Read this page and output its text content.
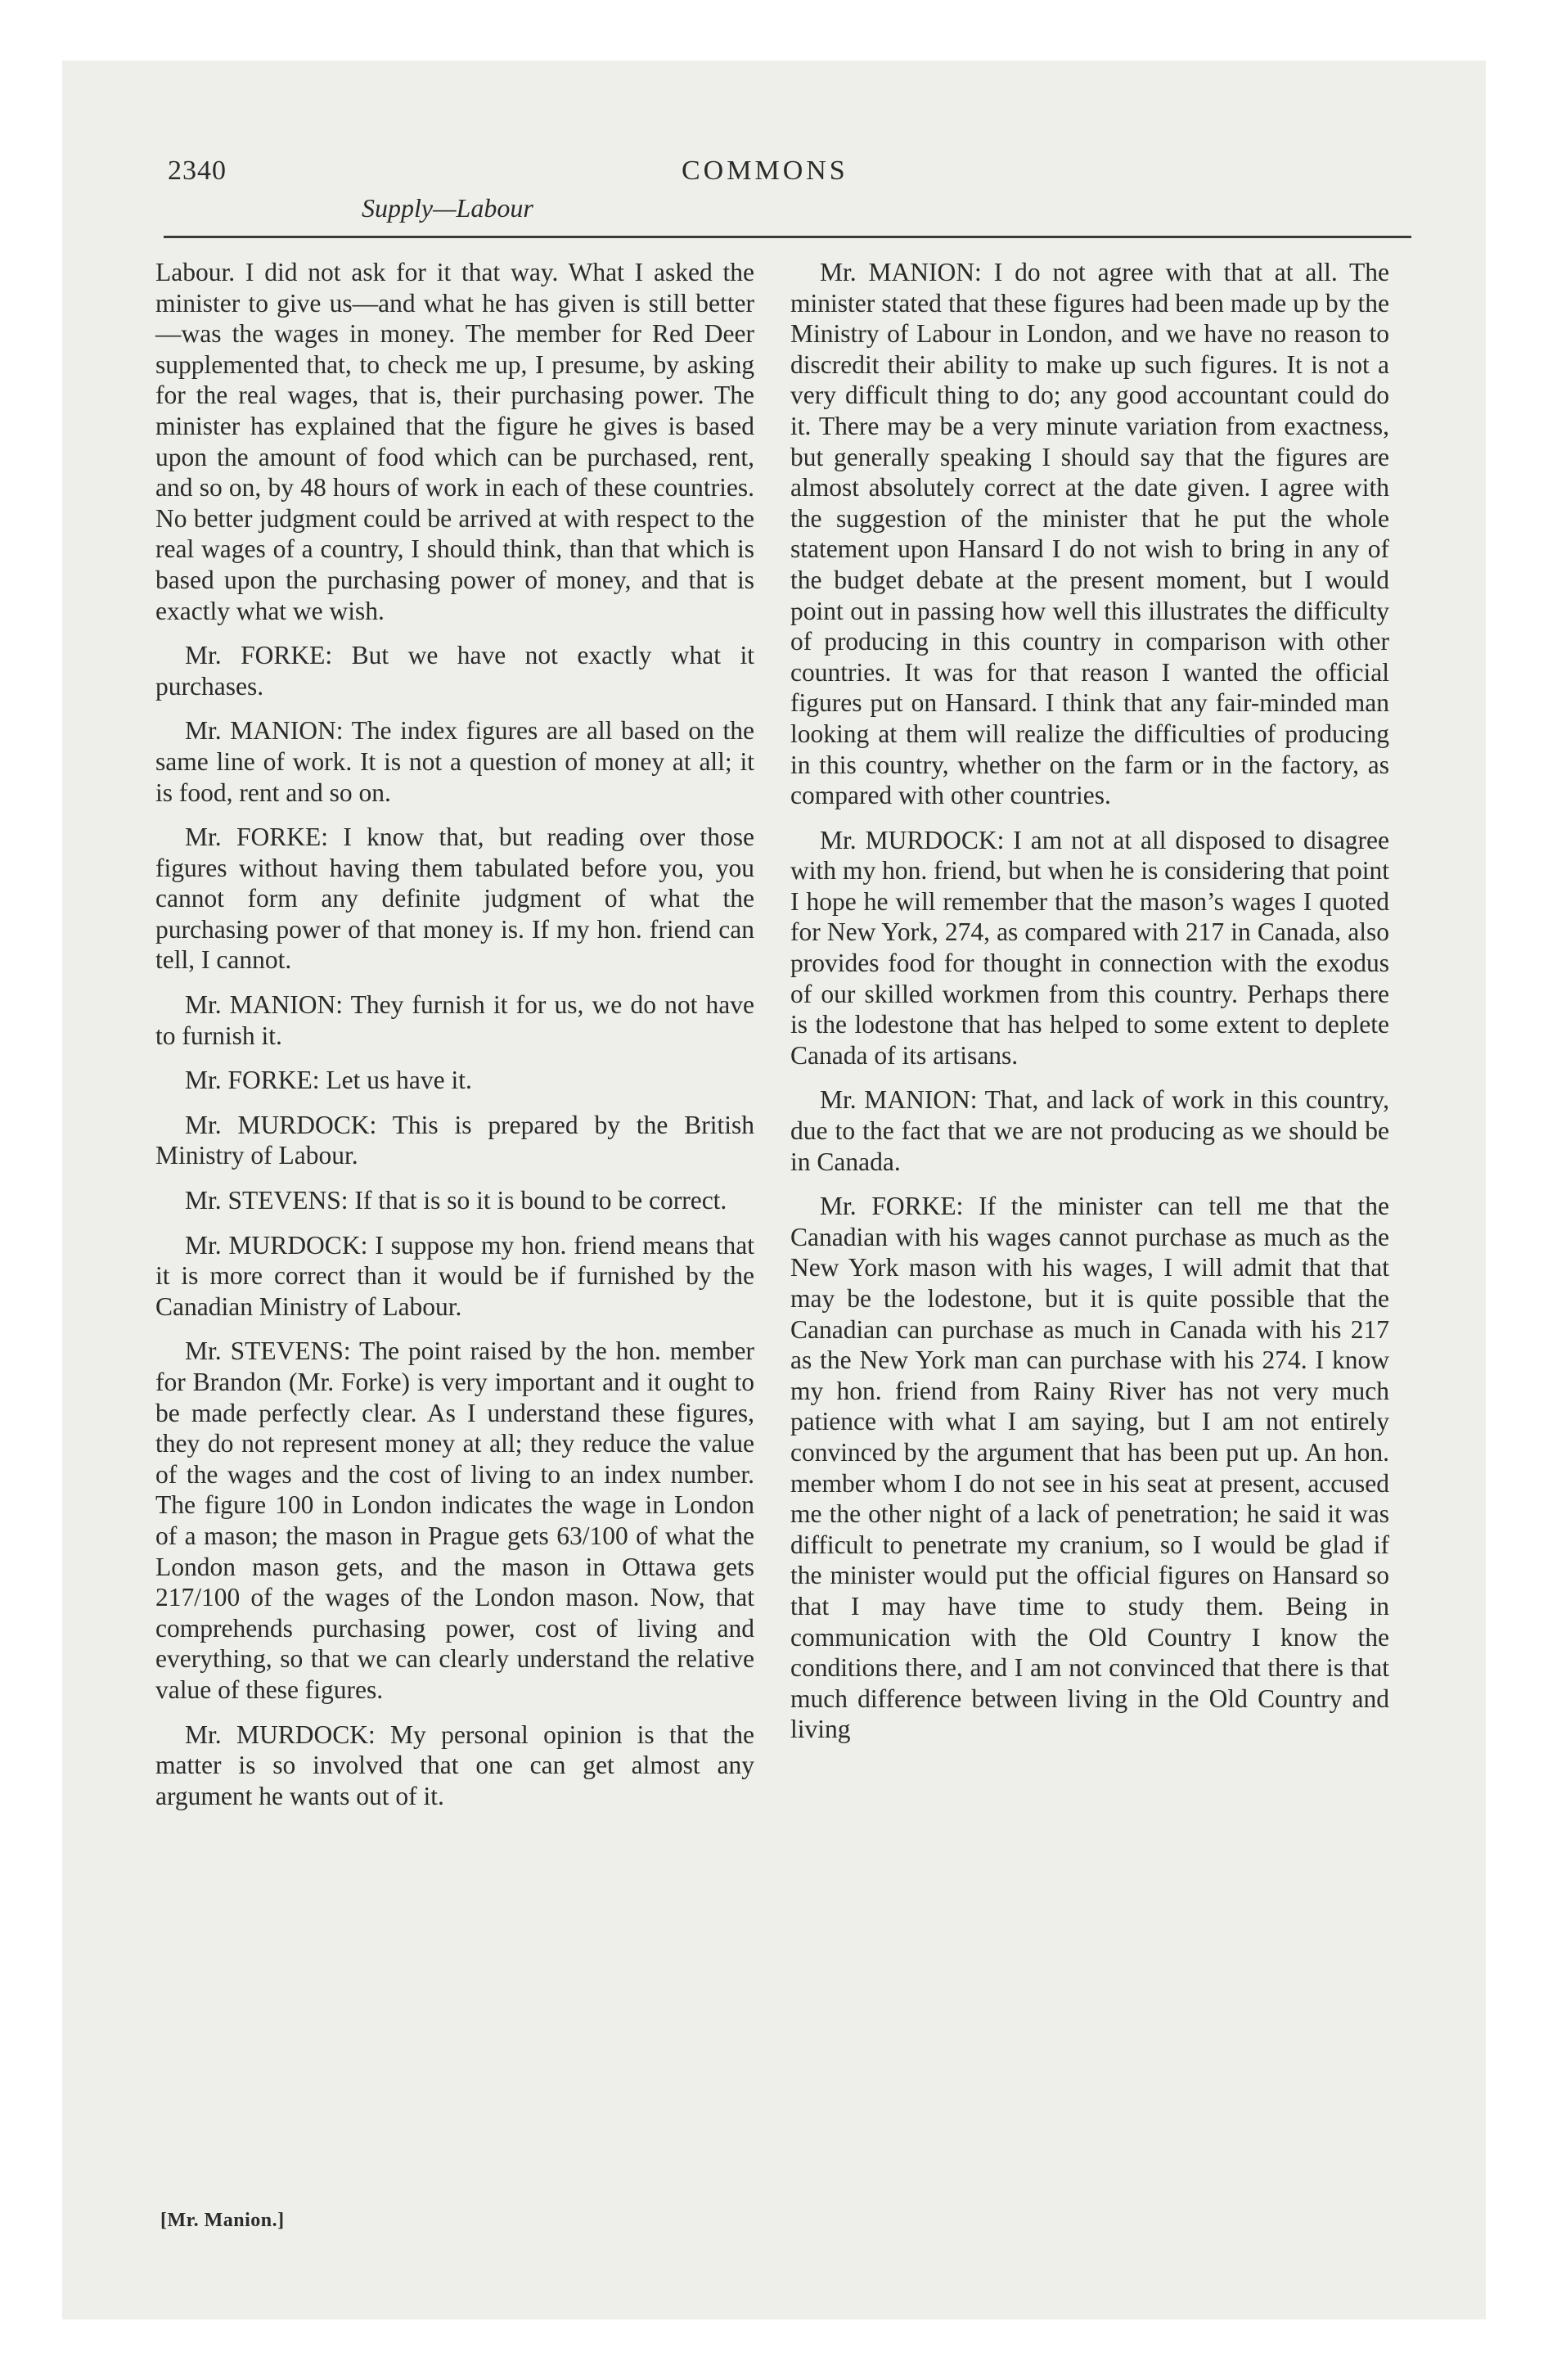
2340	COMMONS
Supply—Labour

Labour. I did not ask for it that way. What I asked the minister to give us—and what he has given is still better—was the wages in money. The member for Red Deer supplemented that, to check me up, I presume, by asking for the real wages, that is, their purchasing power. The minister has explained that the figure he gives is based upon the amount of food which can be purchased, rent, and so on, by 48 hours of work in each of these countries. No better judgment could be arrived at with respect to the real wages of a country, I should think, than that which is based upon the purchasing power of money, and that is exactly what we wish.

Mr. FORKE: But we have not exactly what it purchases.

Mr. MANION: The index figures are all based on the same line of work. It is not a question of money at all; it is food, rent and so on.

Mr. FORKE: I know that, but reading over those figures without having them tabulated before you, you cannot form any definite judgment of what the purchasing power of that money is. If my hon. friend can tell, I cannot.

Mr. MANION: They furnish it for us, we do not have to furnish it.

Mr. FORKE: Let us have it.

Mr. MURDOCK: This is prepared by the British Ministry of Labour.

Mr. STEVENS: If that is so it is bound to be correct.

Mr. MURDOCK: I suppose my hon. friend means that it is more correct than it would be if furnished by the Canadian Ministry of Labour.

Mr. STEVENS: The point raised by the hon. member for Brandon (Mr. Forke) is very important and it ought to be made perfectly clear. As I understand these figures, they do not represent money at all; they reduce the value of the wages and the cost of living to an index number. The figure 100 in London indicates the wage in London of a mason; the mason in Prague gets 63/100 of what the London mason gets, and the mason in Ottawa gets 217/100 of the wages of the London mason. Now, that comprehends purchasing power, cost of living and everything, so that we can clearly understand the relative value of these figures.

Mr. MURDOCK: My personal opinion is that the matter is so involved that one can get almost any argument he wants out of it.

Mr. MANION: I do not agree with that at all. The minister stated that these figures had been made up by the Ministry of Labour in London, and we have no reason to discredit their ability to make up such figures. It is not a very difficult thing to do; any good accountant could do it. There may be a very minute variation from exactness, but generally speaking I should say that the figures are almost absolutely correct at the date given. I agree with the suggestion of the minister that he put the whole statement upon Hansard I do not wish to bring in any of the budget debate at the present moment, but I would point out in passing how well this illustrates the difficulty of producing in this country in comparison with other countries. It was for that reason I wanted the official figures put on Hansard. I think that any fair-minded man looking at them will realize the difficulties of producing in this country, whether on the farm or in the factory, as compared with other countries.

Mr. MURDOCK: I am not at all disposed to disagree with my hon. friend, but when he is considering that point I hope he will remember that the mason’s wages I quoted for New York, 274, as compared with 217 in Canada, also provides food for thought in connection with the exodus of our skilled workmen from this country. Perhaps there is the lodestone that has helped to some extent to deplete Canada of its artisans.

Mr. MANION: That, and lack of work in this country, due to the fact that we are not producing as we should be in Canada.

Mr. FORKE: If the minister can tell me that the Canadian with his wages cannot purchase as much as the New York mason with his wages, I will admit that that may be the lodestone, but it is quite possible that the Canadian can purchase as much in Canada with his 217 as the New York man can purchase with his 274. I know my hon. friend from Rainy River has not very much patience with what I am saying, but I am not entirely convinced by the argument that has been put up. An hon. member whom I do not see in his seat at present, accused me the other night of a lack of penetration; he said it was difficult to penetrate my cranium, so I would be glad if the minister would put the official figures on Hansard so that I may have time to study them. Being in communication with the Old Country I know the conditions there, and I am not convinced that there is that much difference between living in the Old Country and living

[Mr. Manion.]
